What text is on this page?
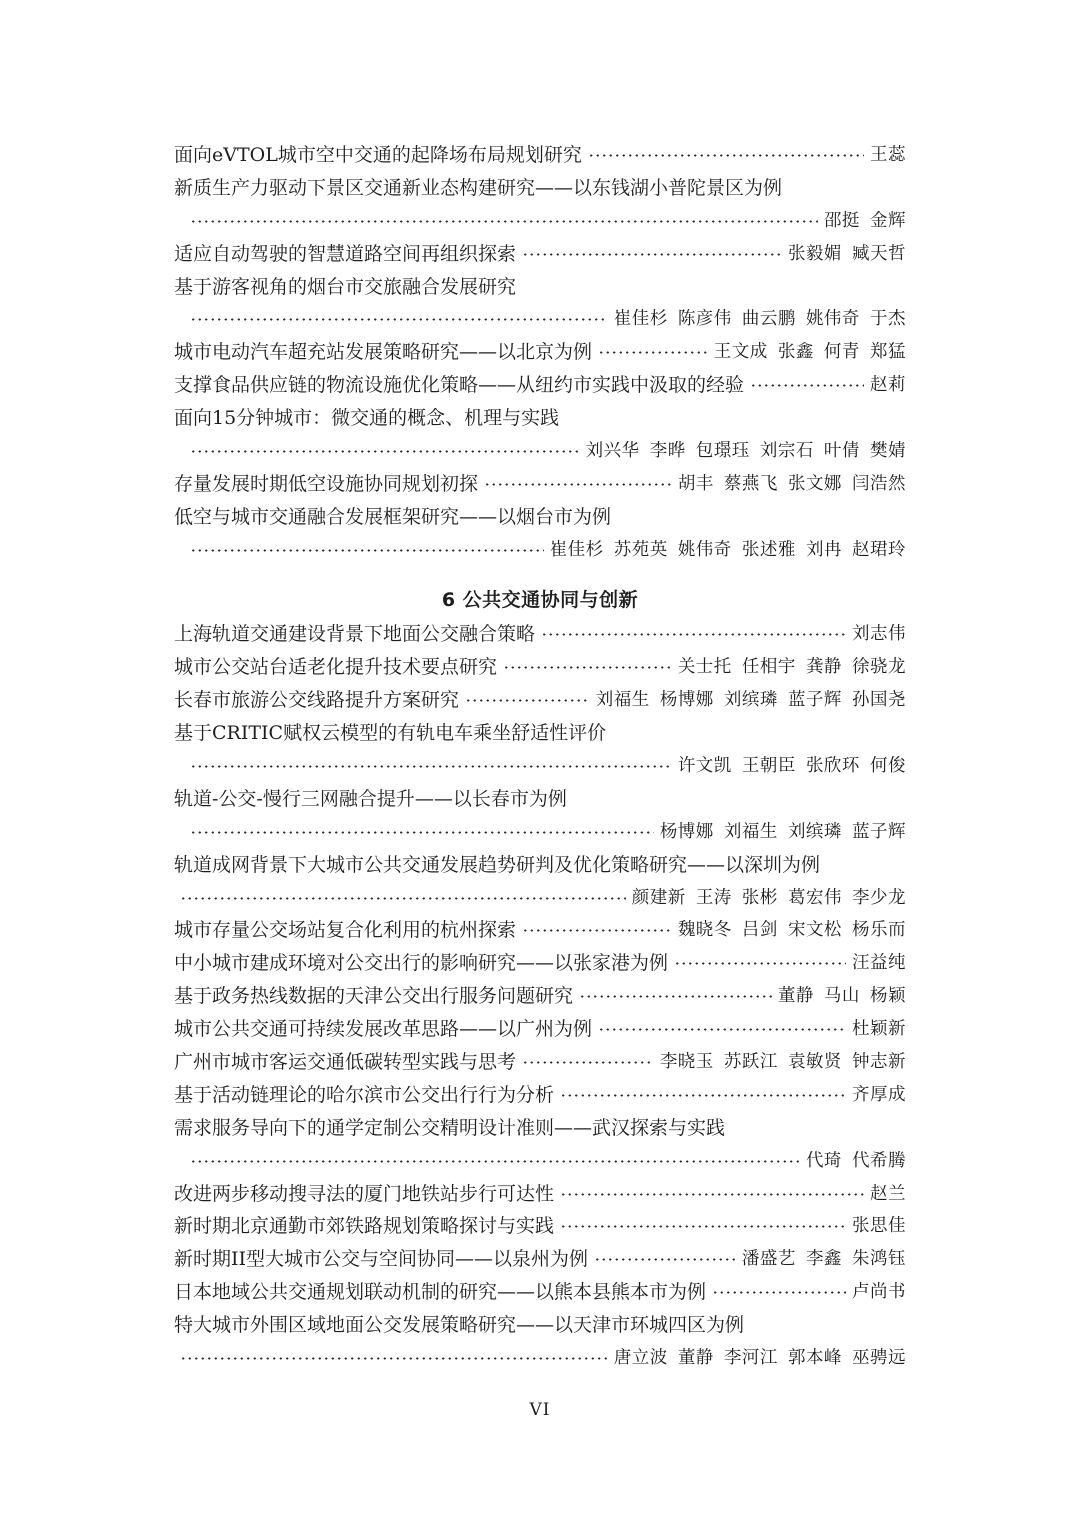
面向eVTOL城市空中交通的起降场布局规划研究	王蕊
新质生产力驱动下景区交通新业态构建研究——以东钱湖小普陀景区为例
邵挺 金辉
适应自动驾驶的智慧道路空间再组织探索	张毅媚 臧天哲
基于游客视角的烟台市交旅融合发展研究
崔佳杉 陈彦伟 曲云鹏 姚伟奇 于杰
城市电动汽车超充站发展策略研究——以北京为例	王文成 张鑫 何青 郑猛
支撑食品供应链的物流设施优化策略——从纽约市实践中汲取的经验	赵莉
面向15分钟城市：微交通的概念、机理与实践
刘兴华 李晔 包璟珏 刘宗石 叶倩 樊婧
存量发展时期低空设施协同规划初探	胡丰 蔡燕飞 张文娜 闫浩然
低空与城市交通融合发展框架研究——以烟台市为例
崔佳杉 苏苑英 姚伟奇 张述雅 刘冉 赵珺玲
6 公共交通协同与创新
上海轨道交通建设背景下地面公交融合策略	刘志伟
城市公交站台适老化提升技术要点研究	关士托 任相宇 龚静 徐骁龙
长春市旅游公交线路提升方案研究	刘福生 杨博娜 刘缤璘 蓝子辉 孙国尧
基于CRITIC赋权云模型的有轨电车乘坐舒适性评价
许文凯 王朝臣 张欣环 何俊
轨道-公交-慢行三网融合提升——以长春市为例
杨博娜 刘福生 刘缤璘 蓝子辉
轨道成网背景下大城市公共交通发展趋势研判及优化策略研究——以深圳为例
颜建新 王涛 张彬 葛宏伟 李少龙
城市存量公交场站复合化利用的杭州探索	魏晓冬 吕剑 宋文松 杨乐而
中小城市建成环境对公交出行的影响研究——以张家港为例	汪益纯
基于政务热线数据的天津公交出行服务问题研究	董静 马山 杨颖
城市公共交通可持续发展改革思路——以广州为例	杜颖新
广州市城市客运交通低碳转型实践与思考	李晓玉 苏跃江 袁敏贤 钟志新
基于活动链理论的哈尔滨市公交出行行为分析	齐厚成
需求服务导向下的通学定制公交精明设计准则——武汉探索与实践
代琦 代希腾
改进两步移动搜寻法的厦门地铁站步行可达性	赵兰
新时期北京通勤市郊铁路规划策略探讨与实践	张思佳
新时期II型大城市公交与空间协同——以泉州为例	潘盛艺 李鑫 朱鸿钰
日本地域公共交通规划联动机制的研究——以熊本县熊本市为例	卢尚书
特大城市外围区域地面公交发展策略研究——以天津市环城四区为例
唐立波 董静 李河江 郭本峰 巫骋远
VI
